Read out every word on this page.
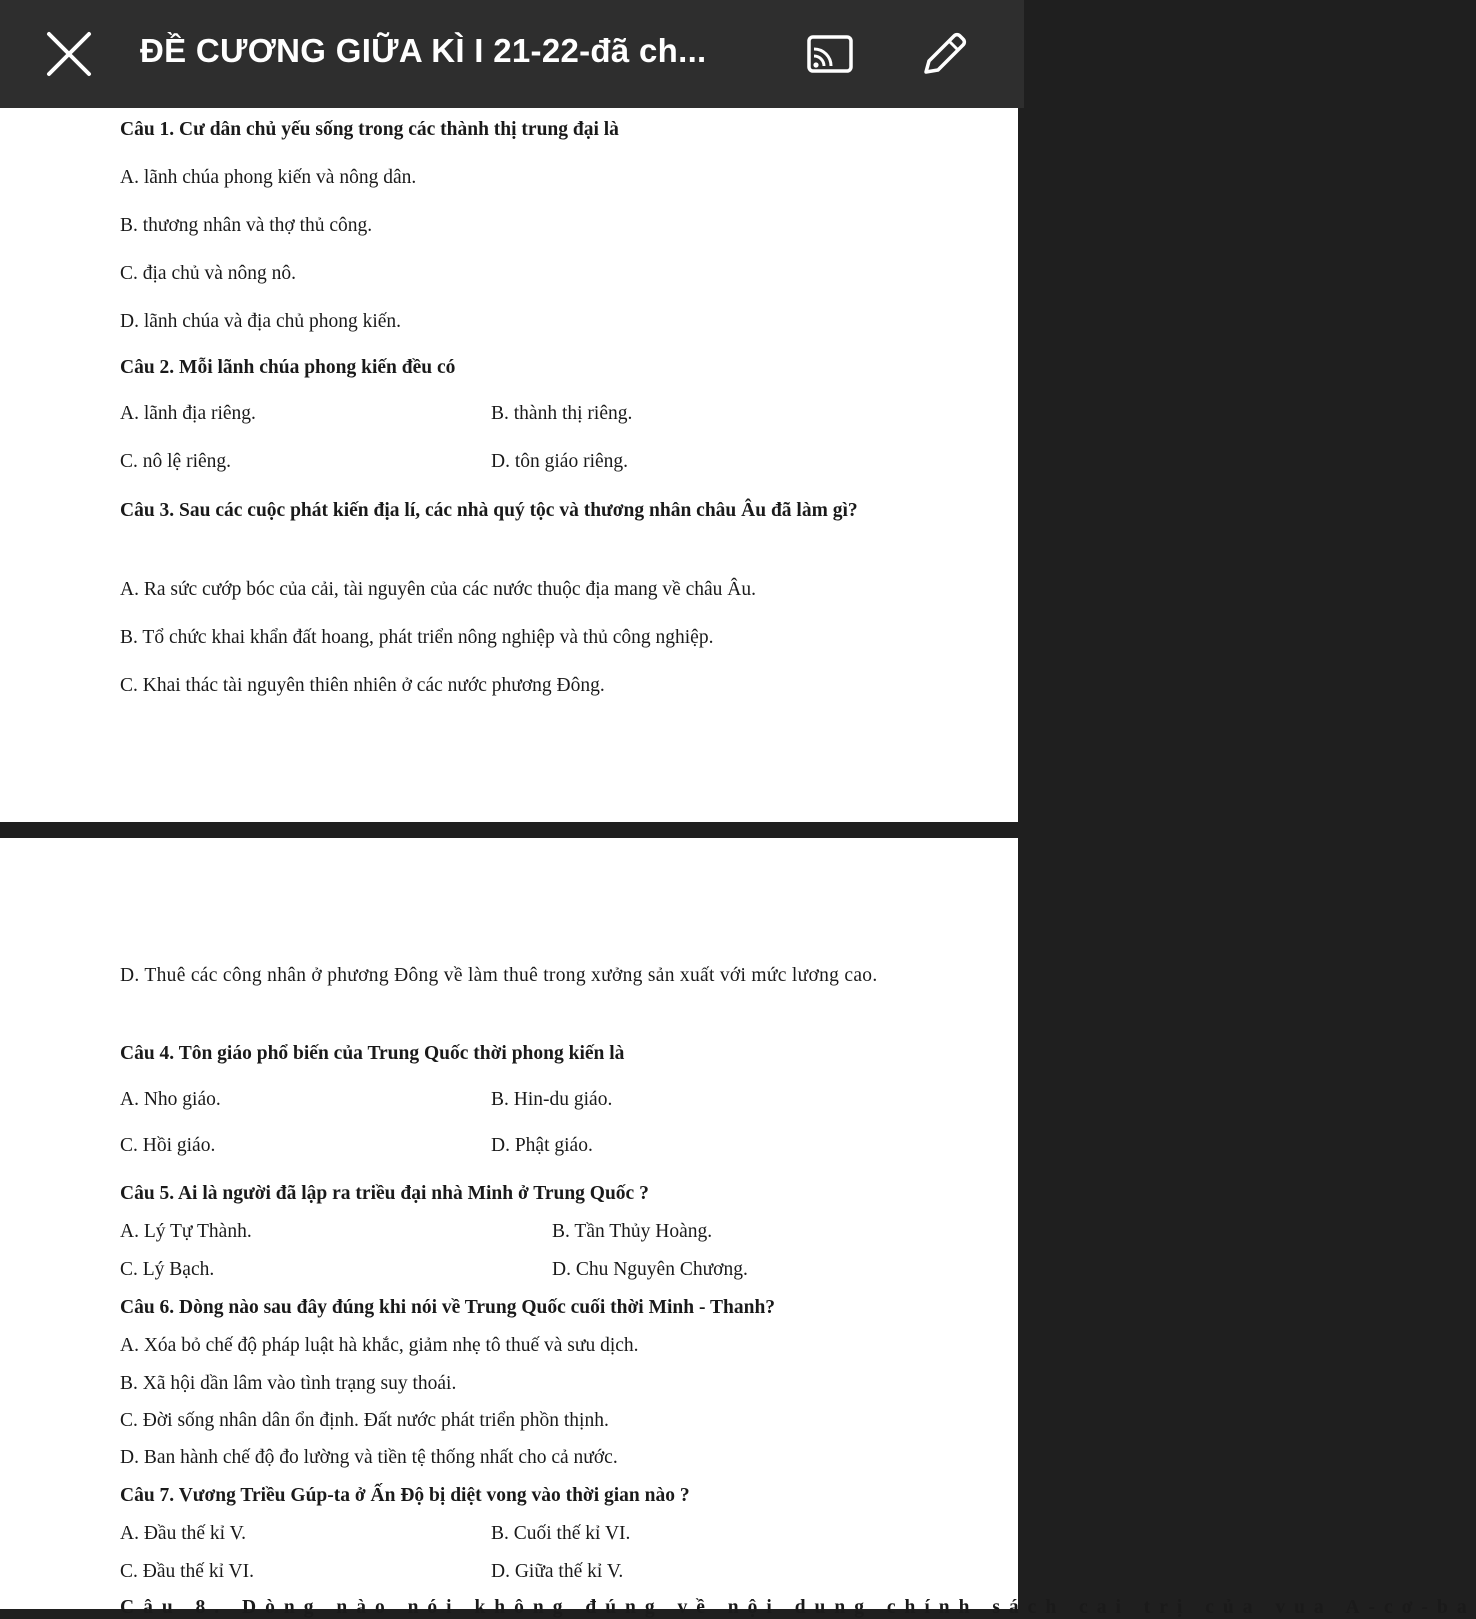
ĐỀ CƯƠNG GIỮA KÌ I 21-22-đã ch...
Câu 1. Cư dân chủ yếu sống trong các thành thị trung đại là
A. lãnh chúa phong kiến và nông dân.
B. thương nhân và thợ thủ công.
C. địa chủ và nông nô.
D. lãnh chúa và địa chủ phong kiến.
Câu 2. Mỗi lãnh chúa phong kiến đều có
A. lãnh địa riêng.	B. thành thị riêng.
C. nô lệ riêng.	D. tôn giáo riêng.
Câu 3. Sau các cuộc phát kiến địa lí, các nhà quý tộc và thương nhân châu Âu đã làm gì?
A. Ra sức cướp bóc của cải, tài nguyên của các nước thuộc địa mang về châu Âu.
B. Tổ chức khai khẩn đất hoang, phát triển nông nghiệp và thủ công nghiệp.
C. Khai thác tài nguyên thiên nhiên ở các nước phương Đông.
D. Thuê các công nhân ở phương Đông về làm thuê trong xưởng sản xuất với mức lương cao.
Câu 4. Tôn giáo phổ biến của Trung Quốc thời phong kiến là
A. Nho giáo.	B. Hin-du giáo.
C. Hồi giáo.	D. Phật giáo.
Câu 5. Ai là người đã lập ra triều đại nhà Minh ở Trung Quốc ?
A. Lý Tự Thành.	B. Tần Thủy Hoàng.
C. Lý Bạch.	D. Chu Nguyên Chương.
Câu 6. Dòng nào sau đây đúng khi nói về Trung Quốc cuối thời Minh - Thanh?
A. Xóa bỏ chế độ pháp luật hà khắc, giảm nhẹ tô thuế và sưu dịch.
B. Xã hội dần lâm vào tình trạng suy thoái.
C. Đời sống nhân dân ổn định. Đất nước phát triển phồn thịnh.
D. Ban hành chế độ đo lường và tiền tệ thống nhất cho cả nước.
Câu 7. Vương Triều Gúp-ta ở Ấn Độ bị diệt vong vào thời gian nào ?
A. Đầu thế kỉ V.	B. Cuối thế kỉ VI.
C. Đầu thế kỉ VI.	D. Giữa thế kỉ V.
Câu 8. Dòng nào nói không đúng về nội dung chính sách cai trị của vua A-cơ-ba
